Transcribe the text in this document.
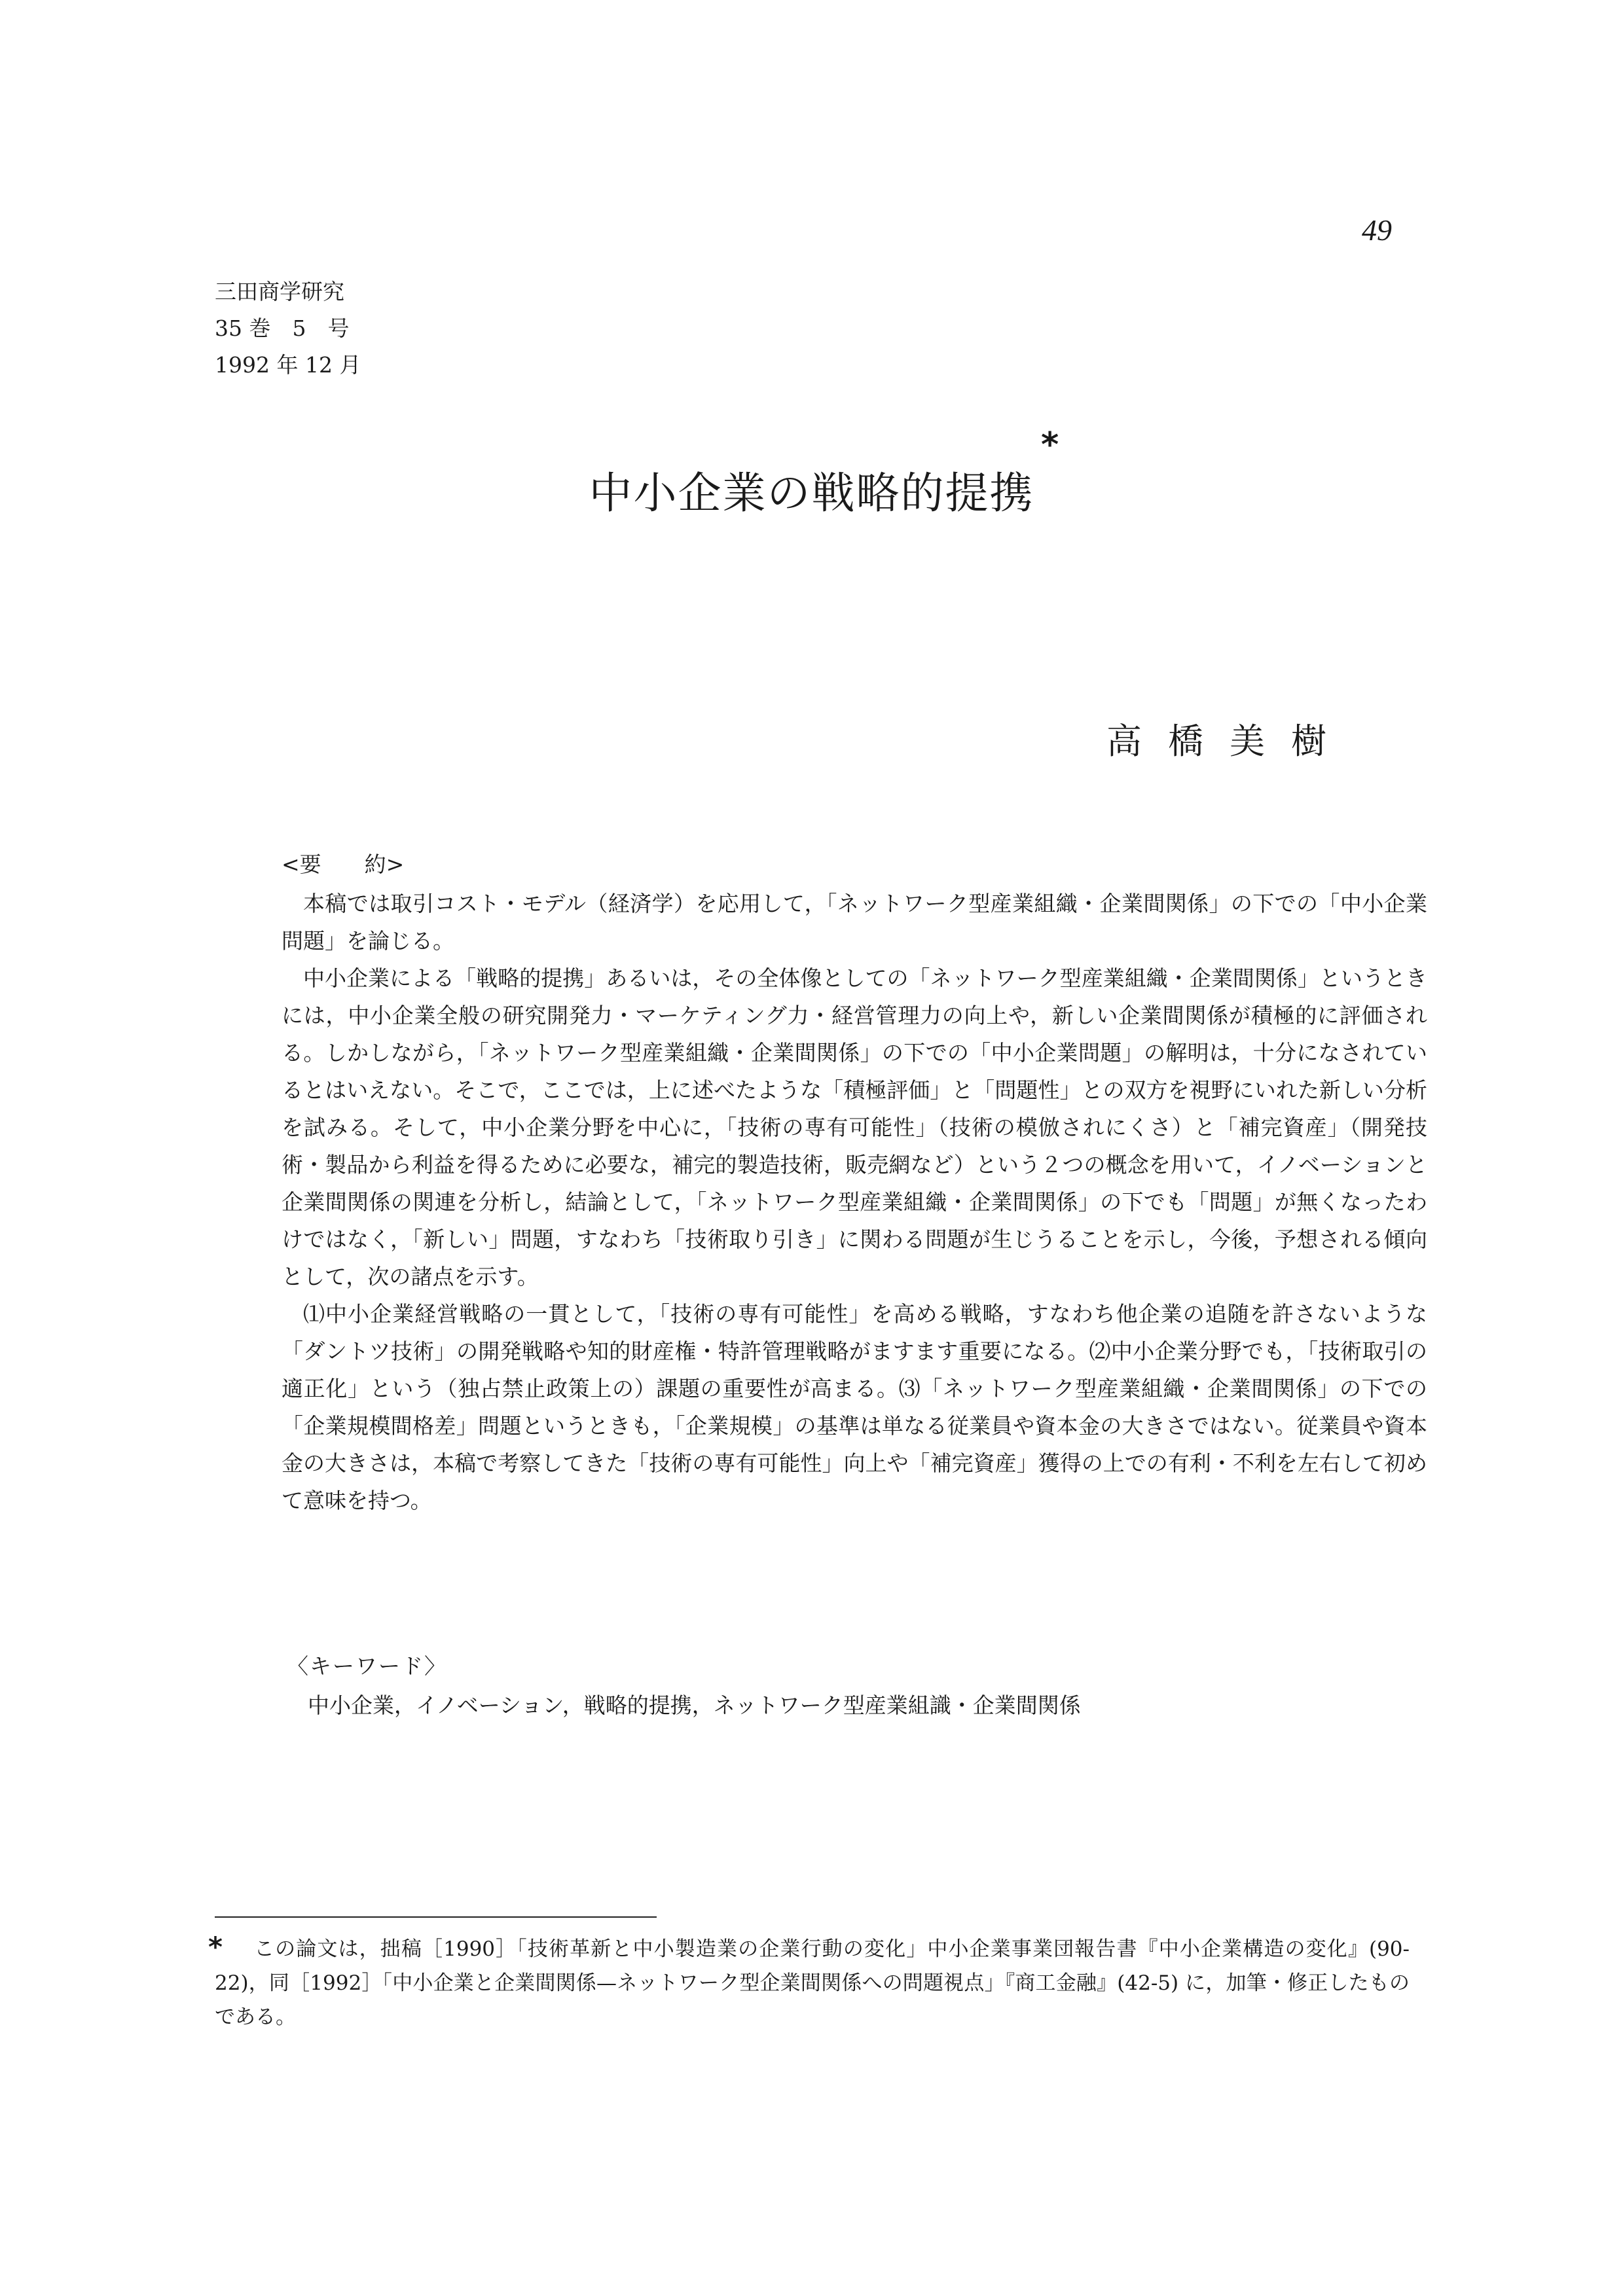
49
三田商学研究
35 巻　5　号
1992 年 12 月
中小企業の戦略的提携
*
高橋美樹
<要　　約>

本稿では取引コスト・モデル（経済学）を応用して，「ネットワーク型産業組織・企業間関係」の下での「中小企業問題」を論じる。

中小企業による「戦略的提携」あるいは，その全体像としての「ネットワーク型産業組織・企業間関係」というときには，中小企業全般の研究開発力・マーケティング力・経営管理力の向上や，新しい企業間関係が積極的に評価される。しかしながら，「ネットワーク型産業組織・企業間関係」の下での「中小企業問題」の解明は，十分になされているとはいえない。そこで，ここでは，上に述べたような「積極評価」と「問題性」との双方を視野にいれた新しい分析を試みる。そして，中小企業分野を中心に，「技術の専有可能性」（技術の模倣されにくさ）と「補完資産」（開発技術・製品から利益を得るために必要な，補完的製造技術，販売網など）という２つの概念を用いて，イノベーションと企業間関係の関連を分析し，結論として，「ネットワーク型産業組織・企業間関係」の下でも「問題」が無くなったわけではなく，「新しい」問題，すなわち「技術取り引き」に関わる問題が生じうることを示し，今後，予想される傾向として，次の諸点を示す。

⑴中小企業経営戦略の一貫として，「技術の専有可能性」を高める戦略，すなわち他企業の追随を許さないような「ダントツ技術」の開発戦略や知的財産権・特許管理戦略がますます重要になる。⑵中小企業分野でも，「技術取引の適正化」という（独占禁止政策上の）課題の重要性が高まる。⑶「ネットワーク型産業組織・企業間関係」の下での「企業規模間格差」問題というときも，「企業規模」の基準は単なる従業員や資本金の大きさではない。従業員や資本金の大きさは，本稿で考察してきた「技術の専有可能性」向上や「補完資産」獲得の上での有利・不利を左右して初めて意味を持つ。

〈キーワード〉
中小企業，イノベーション，戦略的提携，ネットワーク型産業組識・企業間関係
*	この論文は，拙稿［1990］「技術革新と中小製造業の企業行動の変化」中小企業事業団報告書『中小企業構造の変化』(90-22)，同［1992］「中小企業と企業間関係—ネットワーク型企業間関係への問題視点」『商工金融』(42-5) に，加筆・修正したものである。
